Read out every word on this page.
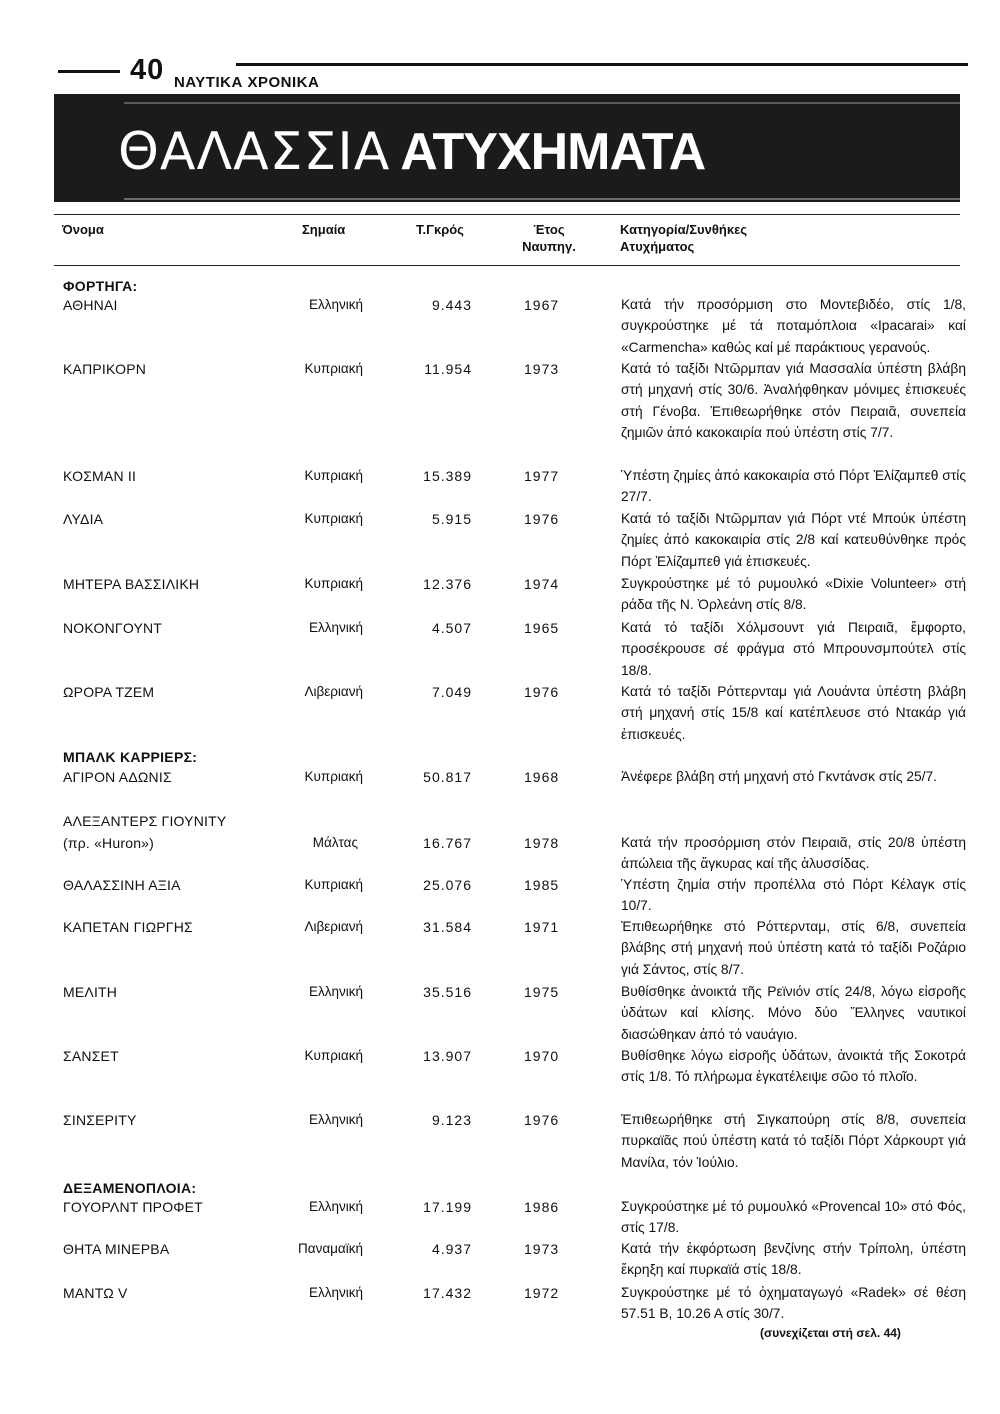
40 ΝΑΥΤΙΚΑ ΧΡΟΝΙΚΑ
ΘΑΛΑΣΣΙΑ ΑΤΥΧΗΜΑΤΑ
Όνομα	Σημαία	Τ.Γκρός	Έτος
Ναυπηγ.
Κατηγορία/Συνθήκες
Ατυχήματος
ΦΟΡΤΗΓΑ:
ΑΘΗΝΑΙ	Ελληνική	9.443	1967	Κατά τήν προσόρμιση στο Μοντεβιδέο, στίς 1/8, συγκρούστηκε μέ τά ποταμόπλοια «Ipacarai» καί «Carmencha» καθώς καί μέ παράκτιους γερανούς.
ΚΑΠΡΙΚΟΡΝ	Κυπριακή	11.954	1973	Κατά τό ταξίδι Ντῶρμπαν γιά Μασσαλία ὑπέστη βλάβη στή μηχανή στίς 30/6. Ἀναλήφθηκαν μόνιμες ἐπισκευές στή Γένοβα. Ἐπιθεωρήθηκε στόν Πειραιᾶ, συνεπεία ζημιῶν ἀπό κακοκαιρία πού ὑπέστη στίς 7/7.
ΚΟΣΜΑΝ II	Κυπριακή	15.389	1977	Ὑπέστη ζημίες ἀπό κακοκαιρία στό Πόρτ Ἐλίζαμπεθ στίς 27/7.
ΛΥΔΙΑ	Κυπριακή	5.915	1976	Κατά τό ταξίδι Ντῶρμπαν γιά Πόρτ ντέ Μπούκ ὑπέστη ζημίες ἀπό κακοκαιρία στίς 2/8 καί κατευθύνθηκε πρός Πόρτ Ἐλίζαμπεθ γιά ἐπισκευές.
ΜΗΤΕΡΑ ΒΑΣΣΙΛΙΚΗ	Κυπριακή	12.376	1974	Συγκρούστηκε μέ τό ρυμουλκό «Dixie Volunteer» στή ράδα τῆς Ν. Ὀρλεάνη στίς 8/8.
ΝΟΚΟΝΓΟΥΝΤ	Ελληνική	4.507	1965	Κατά τό ταξίδι Χόλμσουντ γιά Πειραιᾶ, ἔμφορτο, προσέκρουσε σέ φράγμα στό Μπρουνσμπούτελ στίς 18/8.
ΩΡΟΡΑ ΤΖΕΜ	Λιβεριανή	7.049	1976	Κατά τό ταξίδι Ρόττερνταμ γιά Λουάντα ὑπέστη βλάβη στή μηχανή στίς 15/8 καί κατέπλευσε στό Ντακάρ γιά ἐπισκευές.
ΜΠΑΛΚ ΚΑΡΡΙΕΡΣ:
ΑΓΙΡΟΝ ΑΔΩΝΙΣ	Κυπριακή	50.817	1968	Ἀνέφερε βλάβη στή μηχανή στό Γκντάνσκ στίς 25/7.
ΑΛΕΞΑΝΤΕΡΣ ΓΙΟΥΝΙΤΥ
(πρ. «Huron»)	Μάλτας	16.767	1978	Κατά τήν προσόρμιση στόν Πειραιᾶ, στίς 20/8 ὑπέστη ἀπώλεια τῆς ἄγκυρας καί τῆς ἁλυσσίδας.
ΘΑΛΑΣΣΙΝΗ ΑΞΙΑ	Κυπριακή	25.076	1985	Ὑπέστη ζημία στήν προπέλλα στό Πόρτ Κέλαγκ στίς 10/7.
ΚΑΠΕΤΑΝ ΓΙΩΡΓΗΣ	Λιβεριανή	31.584	1971	Ἐπιθεωρήθηκε στό Ρόττερνταμ, στίς 6/8, συνεπεία βλάβης στή μηχανή πού ὑπέστη κατά τό ταξίδι Ροζάριο γιά Σάντος, στίς 8/7.
ΜΕΛΙΤΗ	Ελληνική	35.516	1975	Βυθίσθηκε ἀνοικτά τῆς Ρεϊνιόν στίς 24/8, λόγω εἰσροῆς ὑδάτων καί κλίσης. Μόνο δύο Ἕλληνες ναυτικοί διασώθηκαν ἀπό τό ναυάγιο.
ΣΑΝΣΕΤ	Κυπριακή	13.907	1970	Βυθίσθηκε λόγω εἰσροῆς ὑδάτων, ἀνοικτά τῆς Σοκοτρά στίς 1/8. Τό πλήρωμα ἐγκατέλειψε σῶο τό πλοῖο.
ΣΙΝΣΕΡΙΤΥ	Ελληνική	9.123	1976	Ἐπιθεωρήθηκε στή Σιγκαπούρη στίς 8/8, συνεπεία πυρκαϊᾶς πού ὑπέστη κατά τό ταξίδι Πόρτ Χάρκουρτ γιά Μανίλα, τόν Ἰούλιο.
ΔΕΞΑΜΕΝΟΠΛΟΙΑ:
ΓΟΥΟΡΛΝΤ ΠΡΟΦΕΤ	Ελληνική	17.199	1986	Συγκρούστηκε μέ τό ρυμουλκό «Provencal 10» στό Φός, στίς 17/8.
ΘΗΤΑ ΜΙΝΕΡΒΑ	Παναμαϊκή	4.937	1973	Κατά τήν ἐκφόρτωση βενζίνης στήν Τρίπολη, ὑπέστη ἔκρηξη καί πυρκαϊά στίς 18/8.
ΜΑΝΤΩ V	Ελληνική	17.432	1972	Συγκρούστηκε μέ τό ὀχηματαγωγό «Radek» σέ θέση 57.51 Β, 10.26 Α στίς 30/7.
(συνεχίζεται στή σελ. 44)
